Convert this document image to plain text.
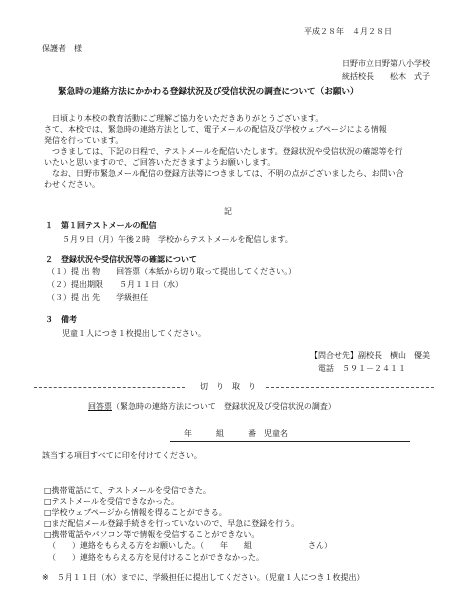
平成２８年　４月２８日
保護者　様
日野市立日野第八小学校
統括校長　　松木　式子
緊急時の連絡方法にかかわる登録状況及び受信状況の調査について（お願い）
日頃より本校の教育活動にご理解ご協力をいただきありがとうございます。
さて、本校では、緊急時の連絡方法として、電子メールの配信及び学校ウェブページによる情報
発信を行っています。
つきましては、下記の日程で、テストメールを配信いたします。登録状況や受信状況の確認等を行
いたいと思いますので、ご回答いただきますようお願いします。
なお、日野市緊急メール配信の登録方法等につきましては、不明の点がございましたら、お問い合
わせください。
記
１　第１回テストメールの配信
５月９日（月）午後２時　学校からテストメールを配信します。
２　登録状況や受信状況等の確認について
（１）提 出 物　　回答票（本紙から切り取って提出してください。）
（２）提出期限　　５月１１日（水）
（３）提 出 先　　学級担任
３　備考
児童１人につき１枚提出してください。
【問合せ先】副校長　横山　優美
電話　５９１－２４１１
切　り　取　り
回答票（緊急時の連絡方法について　登録状況及び受信状況の調査）
年　　　組　　　番　児童名
該当する項目すべてに印を付けてください。
□携帯電話にて、テストメールを受信できた。
□テストメールを受信できなかった。
□学校ウェブページから情報を得ることができる。
□まだ配信メール登録手続きを行っていないので、早急に登録を行う。
□携帯電話やパソコン等で情報を受信することができない。
（　　）連絡をもらえる方をお願いした。（　　年　　組　　　　　　　さん）
（　　）連絡をもらえる方を見付けることができなかった。
※　５月１１日（水）までに、学級担任に提出してください。（児童１人につき１枚提出）
